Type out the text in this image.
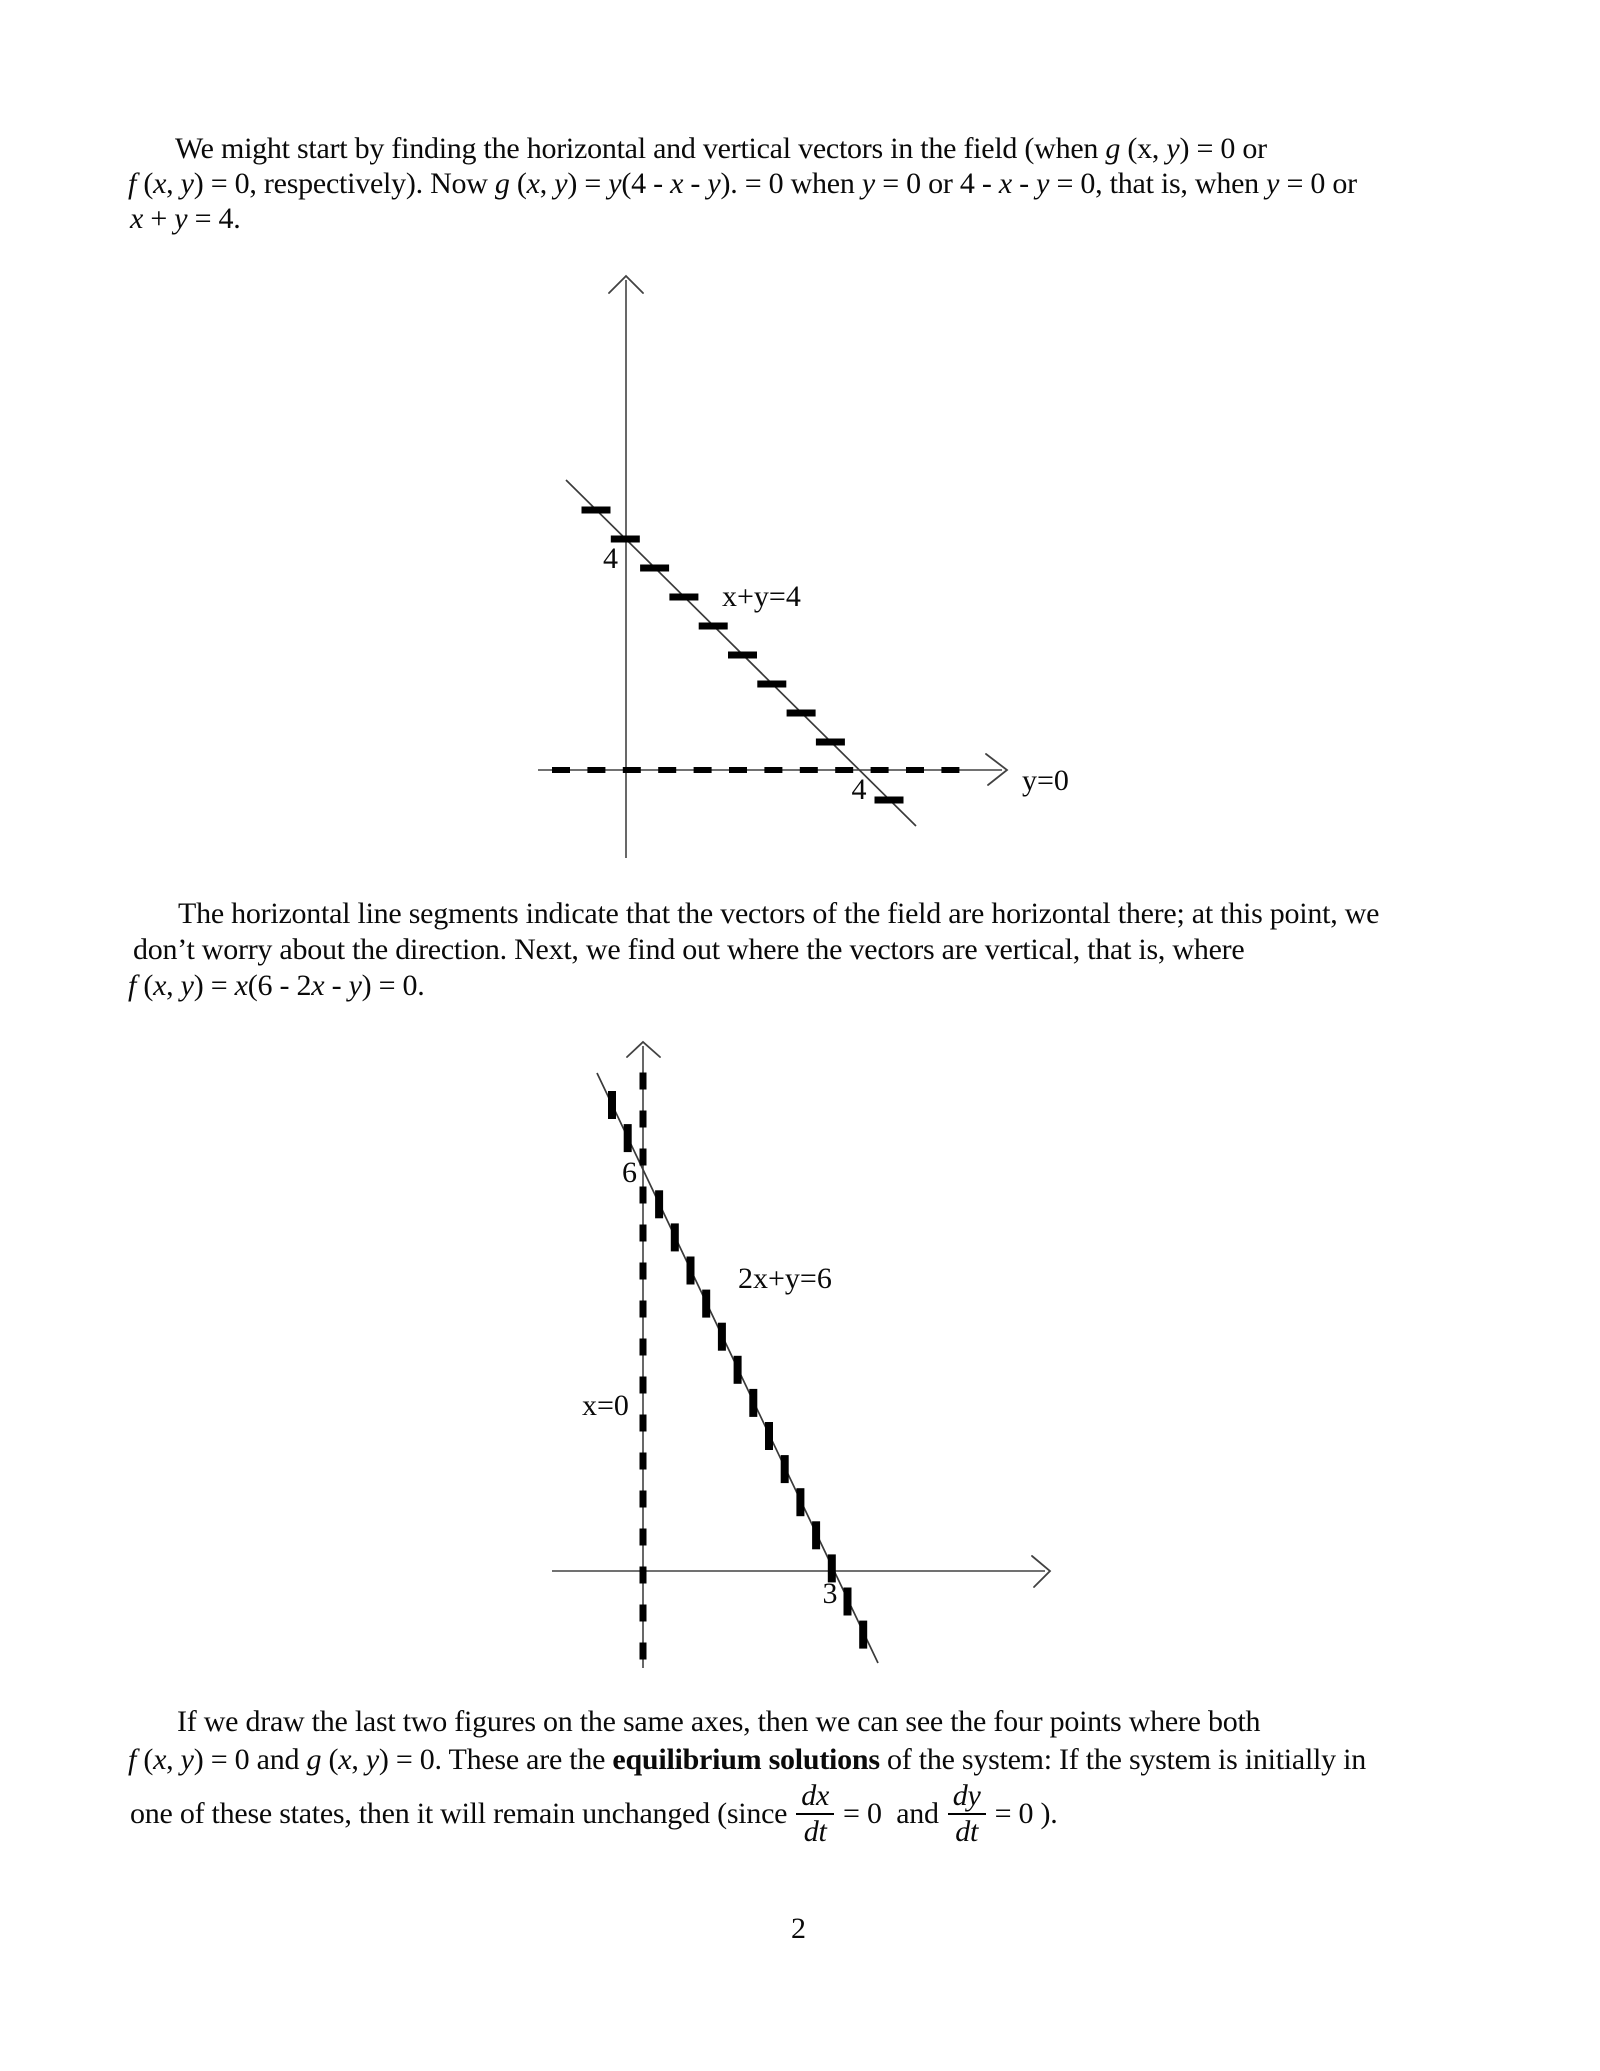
We might start by finding the horizontal and vertical vectors in the field (when g (x, y) = 0 or
f (x, y) = 0, respectively). Now g (x, y) = y(4 - x - y). = 0 when y = 0 or 4 - x - y = 0, that is, when y = 0 or
x + y = 4.
4
x+y=4
4	y=0
The horizontal line segments indicate that the vectors of the field are horizontal there; at this point, we
don’t worry about the direction. Next, we find out where the vectors are vertical, that is, where
f (x, y) = x(6 - 2x - y) = 0.
6
2x+y=6
x=0
3
If we draw the last two figures on the same axes, then we can see the four points where both
f (x, y) = 0 and g (x, y) = 0. These are the equilibrium solutions of the system: If the system is initially in
one of these states, then it will remain unchanged (since $\frac{dx}{dt} = 0$  and $\frac{dy}{dt} = 0$ ).
2
